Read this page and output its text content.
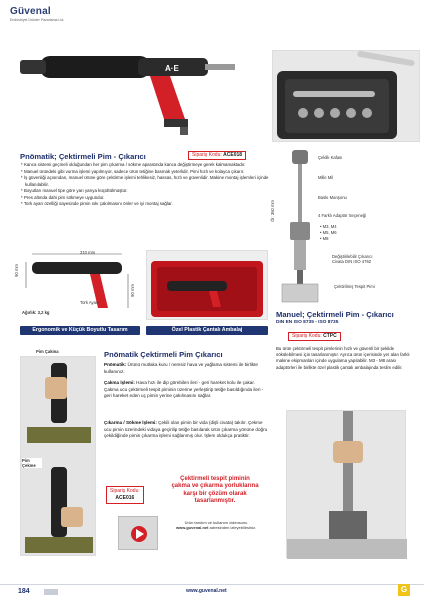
Güvenal
Endüstriyel Ürünler Pazarlama Ltd.
A·E
Pnömatik; Çektirmeli Pim - Çıkarıcı	Sipariş Kodu: ACE018
* Kanca sistemi geçmeli olduğundan her pim çıkarma / sökme aparatında kanca değiştirmeye gerek kalmamaktadır.
* Manuel üründeki gibi vurma işlemi yapılmıyor, sadece ürün tetiğine basmak yeterlidir. Pimi hızlı ve kolayca çıkarır.
* İş güvenliği açısından, manuel ürüne göre çektirme işlemi tehlikesiz, hassas, hızlı ve güvenlidir. Makine montaj işlemleri içinde kullanılabilir.
* Boyutları manuel tipe göre yarı yarıya küçültülmüştür.
* Pres altında dahi pim sökmeye uygundur.
* Tork ayarı özelliği sayesinde pimin sıkı çakılmasını önler ve iyi montaj sağlar.
310 mm
90 mm
90 mm
Tork Ayarı
Ağırlık: 3,2 kg
Ergonomik ve Küçük Boyutlu Tasarım	Özel Plastik Çantalı Ambalaj
Ör. 360 mm
Çeklik Kafası
Mille Mil
Baskı Manşonu
4 Farklı Adaptör Seçeneği
• M3, M4
• M5, M6
• M8
Değiştirilebilir Çıkarıcı Civata DIN ISO 4762
Çektirilmiş Tespit Pimi
Manuel; Çektirmeli Pim - Çıkarıcı
DIN EN ISO 8735 - ISO 8735
Sipariş Kodu: CTPC
Bu ürün çektirmeli tespit pimlerinin hızlı ve güvenli bir şekilde sökülebilmesi için tasarlanmıştır. Ayrıca ürün içerisinde yer alan farklı makine ekipmanları içinde uygulama yapılabilir. M3 - M8 arası adaptörleri ile birlikte özel plastik çantalı ambalajında teslim edilir.
Pim Çakma
Pim Çekme
Pnömatik Çektirmeli Pim Çıkarıcı
Pnömatik: Ürünü mutlaka kuru / nemsiz hava ve yağlama sistemi ile birlikte kullanınız.
Çakma İşlemi: Hava hızı ile dip görebilen ileri - geri hareket kolu ile çakar. Çakma ucu çektirmeli tespit piminin üzerine yerleştirip tetiğe basıldığında ileri - geri hareket eden uç pimin yerine çakılmasını sağlar.
Çıkarma / Sökme İşlemi: Çekili olan pimin bir vida (dişli civata) takılır. Çekme ucu pimin üzerindeki vidaya geçirilip tetiğe basılarak ürün çıkarma yönüne doğru çekildiğinde pimin çıkarma işlemi sağlanmış olur. İşlem oldukça pratiktir.
Sipariş Kodu:
ACE016
Çektirmeli tespit piminin çakma ve çıkarma yorluklarına karşı bir çözüm olarak tasarlanmıştır.
Ürün tanıtım ve kullanım videosunu
www.guvenal.net adresinden izleyebilirsiniz.
184	www.guvenal.net	G
